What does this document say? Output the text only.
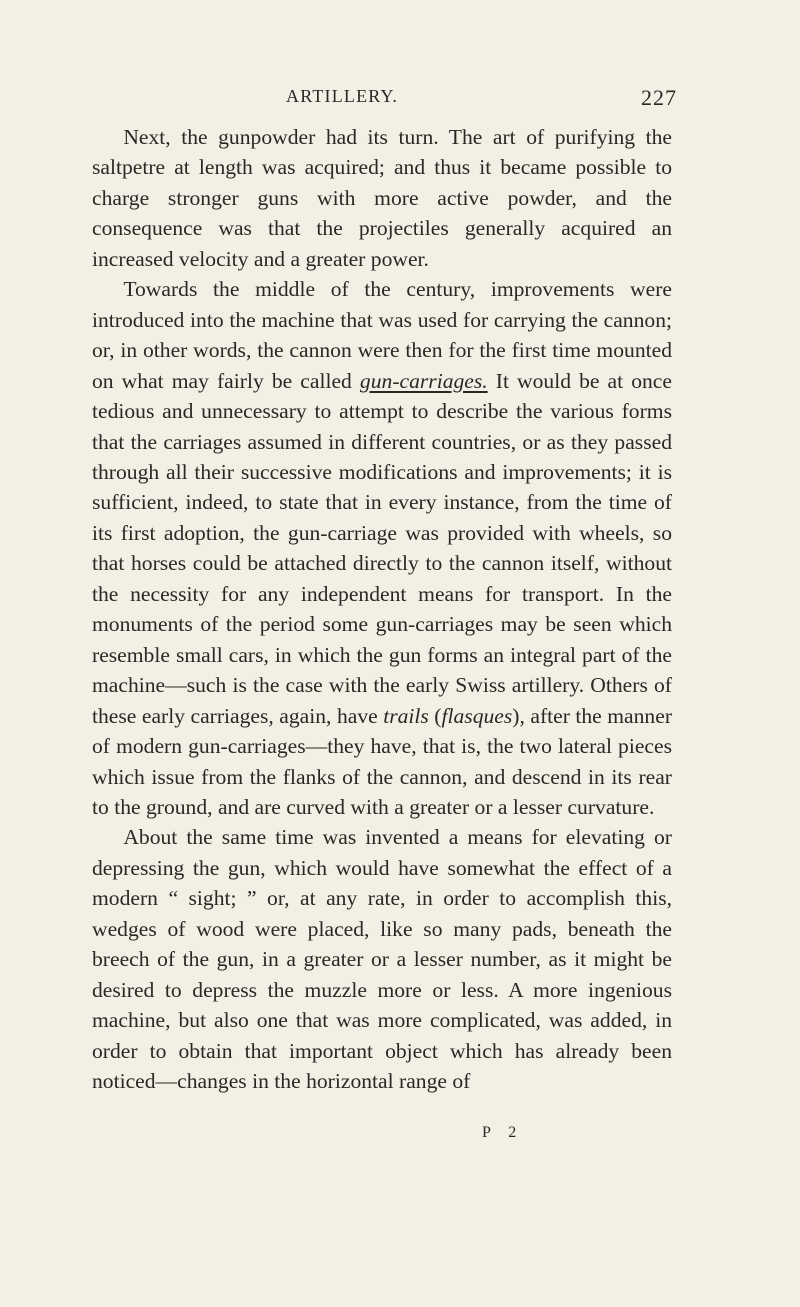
ARTILLERY.	227

Next, the gunpowder had its turn. The art of purifying the saltpetre at length was acquired; and thus it became possible to charge stronger guns with more active powder, and the consequence was that the projectiles generally acquired an increased velocity and a greater power.

Towards the middle of the century, improvements were introduced into the machine that was used for carrying the cannon; or, in other words, the cannon were then for the first time mounted on what may fairly be called gun-carriages. It would be at once tedious and unnecessary to attempt to describe the various forms that the carriages assumed in different countries, or as they passed through all their successive modifications and improvements; it is sufficient, indeed, to state that in every instance, from the time of its first adoption, the gun-carriage was provided with wheels, so that horses could be attached directly to the cannon itself, without the necessity for any independent means for transport. In the monuments of the period some gun-carriages may be seen which resemble small cars, in which the gun forms an integral part of the machine—such is the case with the early Swiss artillery. Others of these early carriages, again, have trails (flasques), after the manner of modern gun-carriages—they have, that is, the two lateral pieces which issue from the flanks of the cannon, and descend in its rear to the ground, and are curved with a greater or a lesser curvature.

About the same time was invented a means for elevating or depressing the gun, which would have somewhat the effect of a modern “ sight; ” or, at any rate, in order to accomplish this, wedges of wood were placed, like so many pads, beneath the breech of the gun, in a greater or a lesser number, as it might be desired to depress the muzzle more or less. A more ingenious machine, but also one that was more complicated, was added, in order to obtain that important object which has already been noticed—changes in the horizontal range of

P 2
